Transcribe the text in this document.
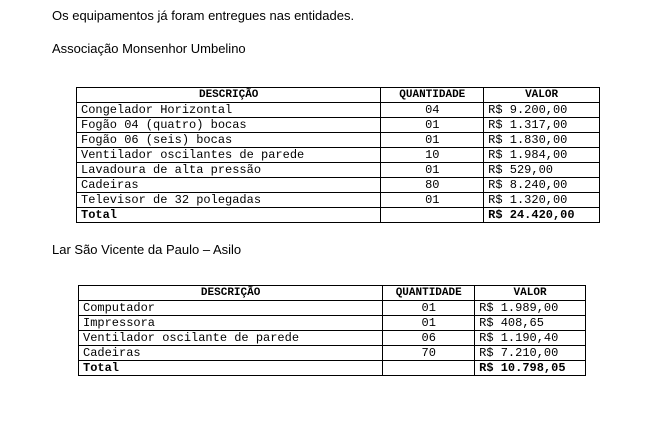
Os equipamentos já foram entregues nas entidades.
Associação Monsenhor Umbelino
DESCRIÇÃO	QUANTIDADE	VALOR
Congelador Horizontal	04	R$ 9.200,00
Fogão 04 (quatro) bocas	01	R$ 1.317,00
Fogão 06 (seis) bocas	01	R$ 1.830,00
Ventilador oscilantes de parede	10	R$ 1.984,00
Lavadoura de alta pressão	01	R$ 529,00
Cadeiras	80	R$ 8.240,00
Televisor de 32 polegadas	01	R$ 1.320,00
Total		R$ 24.420,00
Lar São Vicente da Paulo – Asilo
DESCRIÇÃO	QUANTIDADE	VALOR
Computador	01	R$ 1.989,00
Impressora	01	R$ 408,65
Ventilador oscilante de parede	06	R$ 1.190,40
Cadeiras	70	R$ 7.210,00
Total		R$ 10.798,05
